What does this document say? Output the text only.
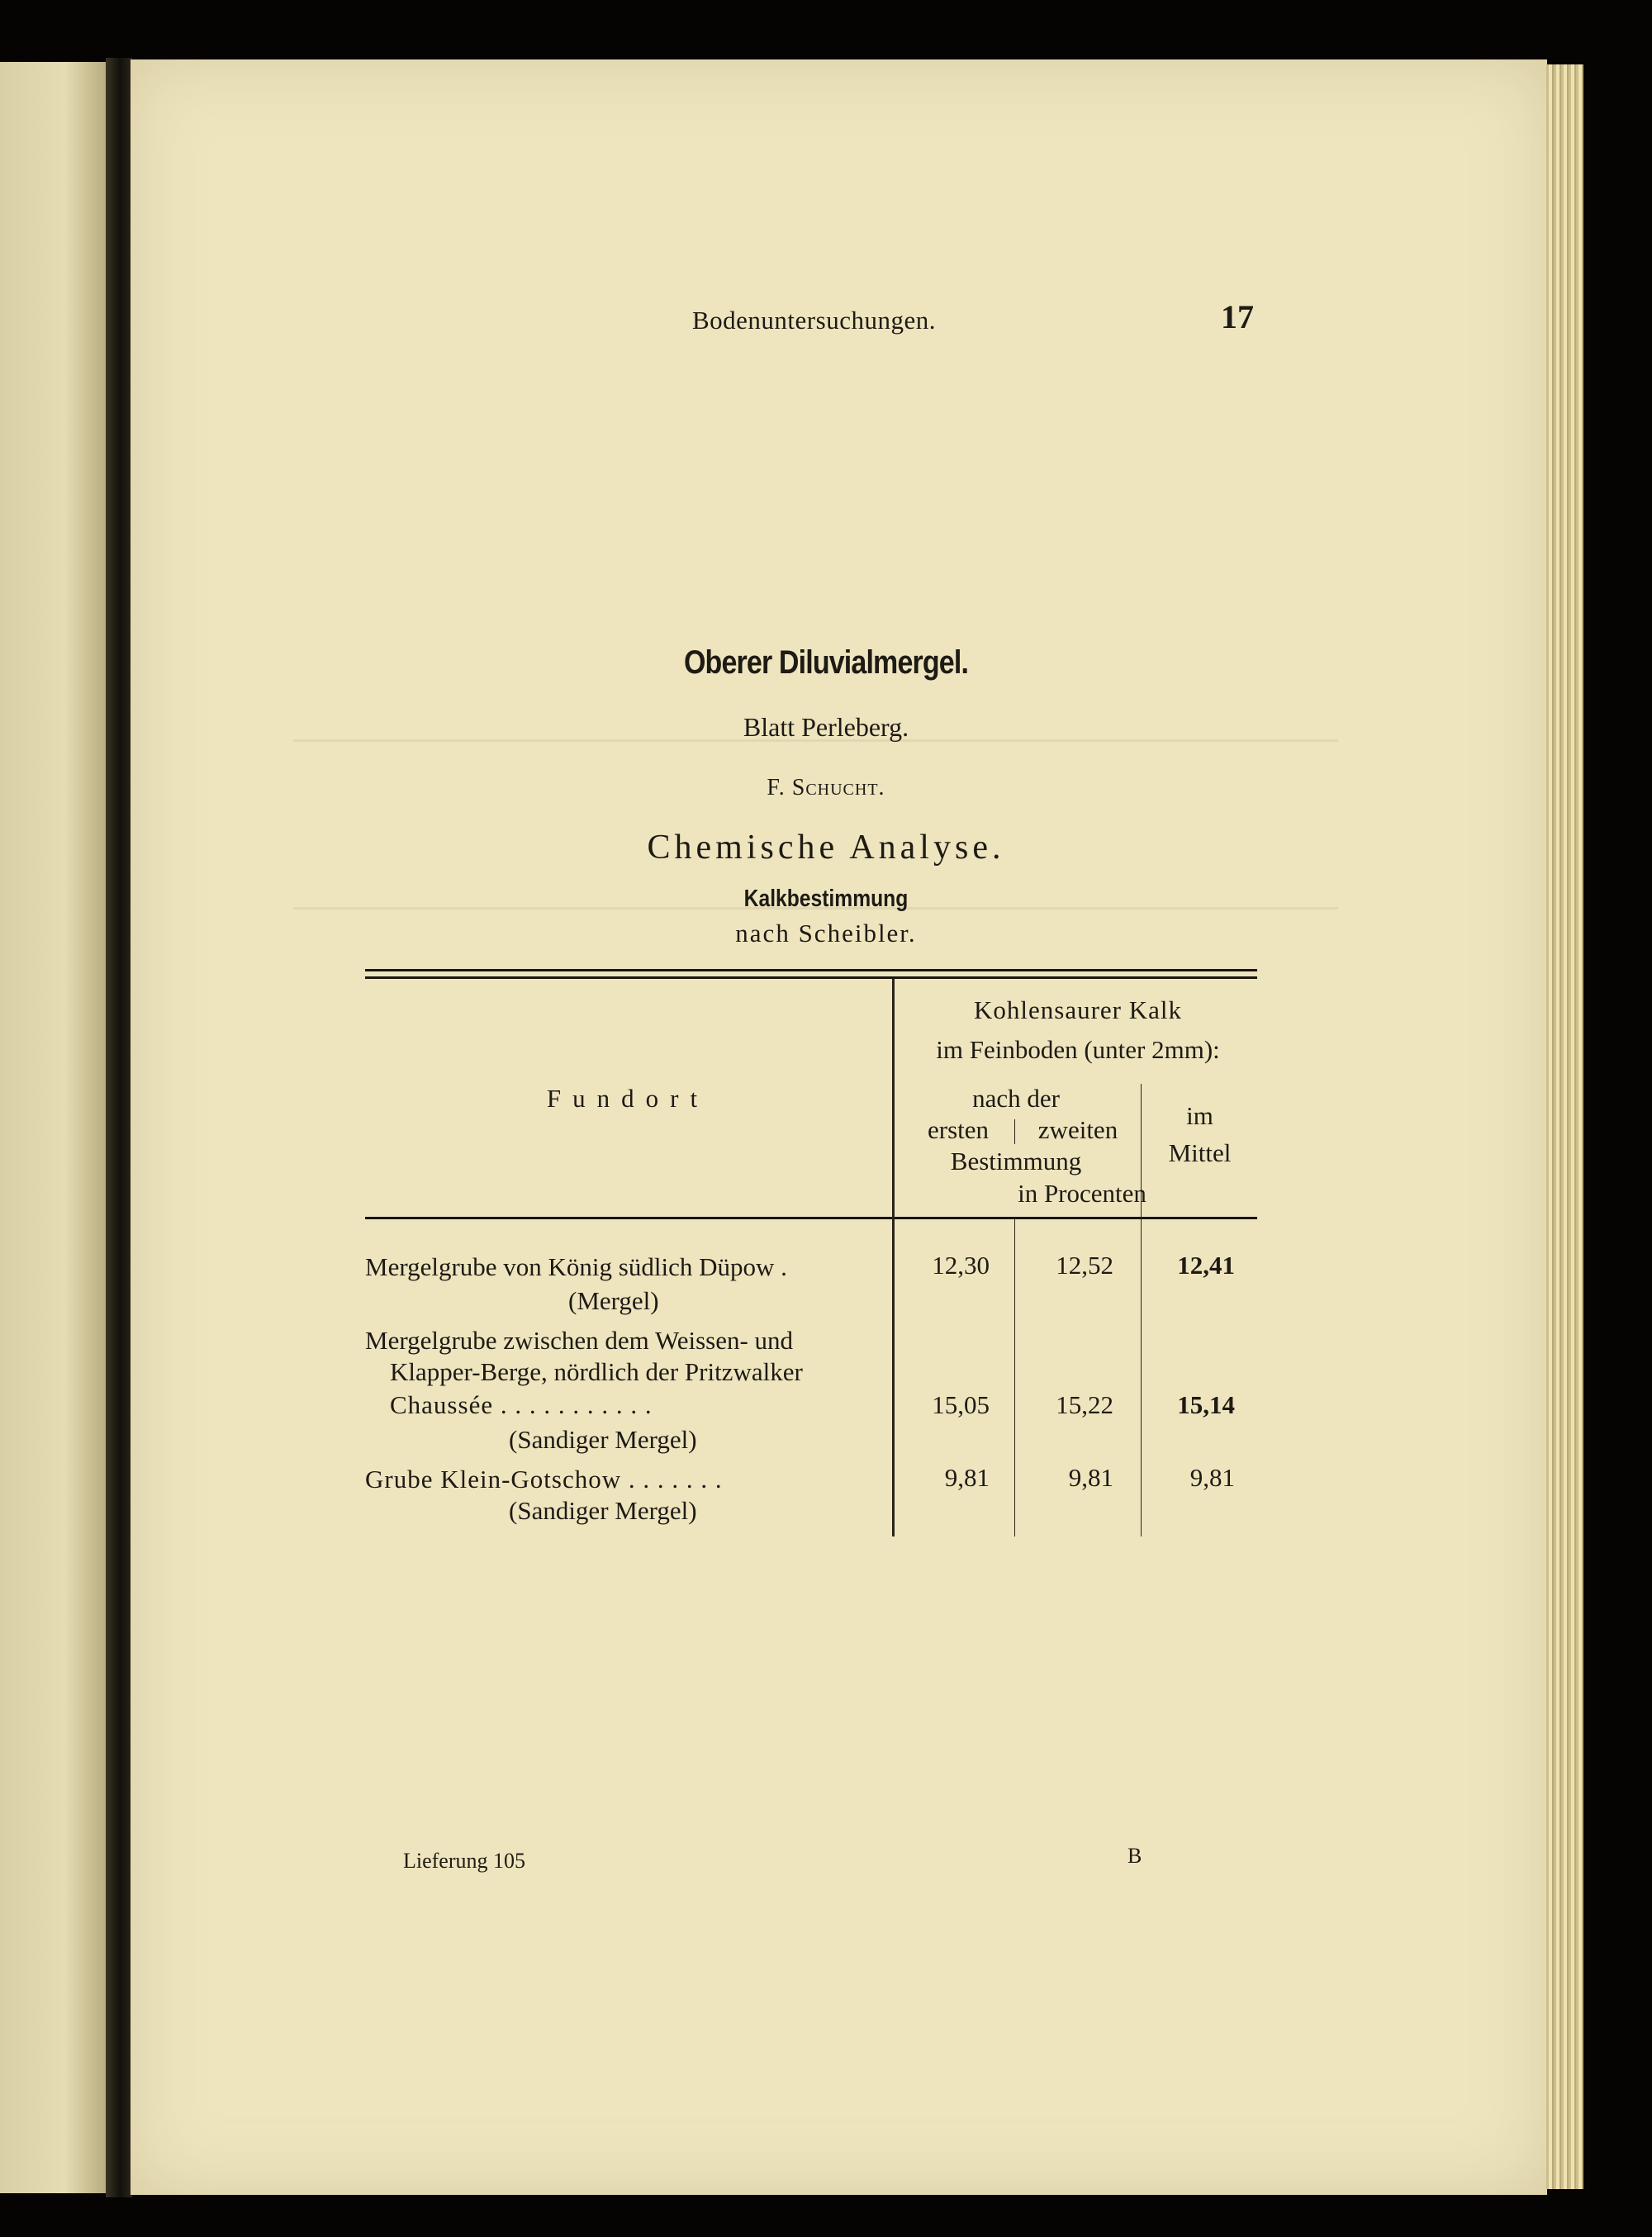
Bodenuntersuchungen.	17
Oberer Diluvialmergel.
Blatt Perleberg.
F. Schucht.
Chemische Analyse.
Kalkbestimmung
nach Scheibler.
Fundort
Kohlensaurer Kalk
im Feinboden (unter 2mm):
nach der
ersten	zweiten
Bestimmung
in Procenten
im
Mittel
Mergelgrube von König südlich Düpow .
(Mergel)
12,30	12,52	12,41
Mergelgrube zwischen dem Weissen- und
Klapper-Berge, nördlich der Pritzwalker
Chaussée . . . . . . . . . . .
(Sandiger Mergel)
15,05	15,22	15,14
Grube Klein-Gotschow . . . . . . .
(Sandiger Mergel)
9,81	9,81	9,81
Lieferung 105	B
